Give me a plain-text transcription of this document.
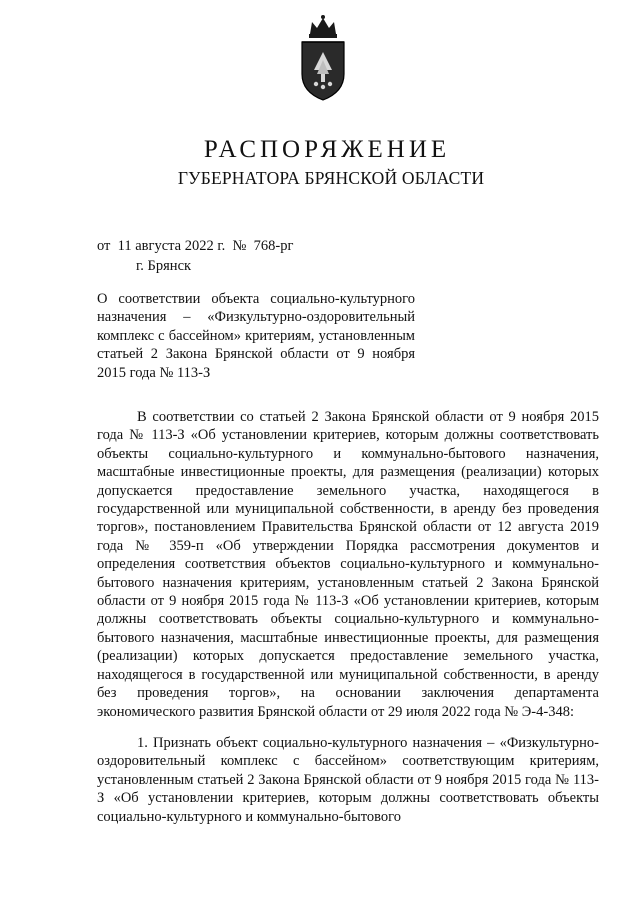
РАСПОРЯЖЕНИЕ
ГУБЕРНАТОРА БРЯНСКОЙ ОБЛАСТИ
от  11 августа 2022 г.  №  768-рг
г. Брянск
О соответствии объекта социально-культурного назначения – «Физкультурно-оздоровительный комплекс с бассейном» критериям, установленным статьей 2 Закона Брянской области от 9 ноября 2015 года № 113-З
В соответствии со статьей 2 Закона Брянской области от 9 ноября 2015 года № 113-З «Об установлении критериев, которым должны соответствовать объекты социально-культурного и коммунально-бытового назначения, масштабные инвестиционные проекты, для размещения (реализации) которых допускается предоставление земельного участка, находящегося в государственной или муниципальной собственности, в аренду без проведения торгов», постановлением Правительства Брянской области от 12 августа 2019 года № 359-п «Об утверждении Порядка рассмотрения документов и определения соответствия объектов социально-культурного и коммунально-бытового назначения критериям, установленным статьей 2 Закона Брянской области от 9 ноября 2015 года № 113-З «Об установлении критериев, которым должны соответствовать объекты социально-культурного и коммунально-бытового назначения, масштабные инвестиционные проекты, для размещения (реализации) которых допускается предоставление земельного участка, находящегося в государственной или муниципальной собственности, в аренду без проведения торгов», на основании заключения департамента экономического развития Брянской области от 29 июля 2022 года № Э-4-348:
1. Признать объект социально-культурного назначения – «Физкультурно-оздоровительный комплекс с бассейном» соответствующим критериям, установленным статьей 2 Закона Брянской области от 9 ноября 2015 года № 113-З «Об установлении критериев, которым должны соответствовать объекты социально-культурного и коммунально-бытового
